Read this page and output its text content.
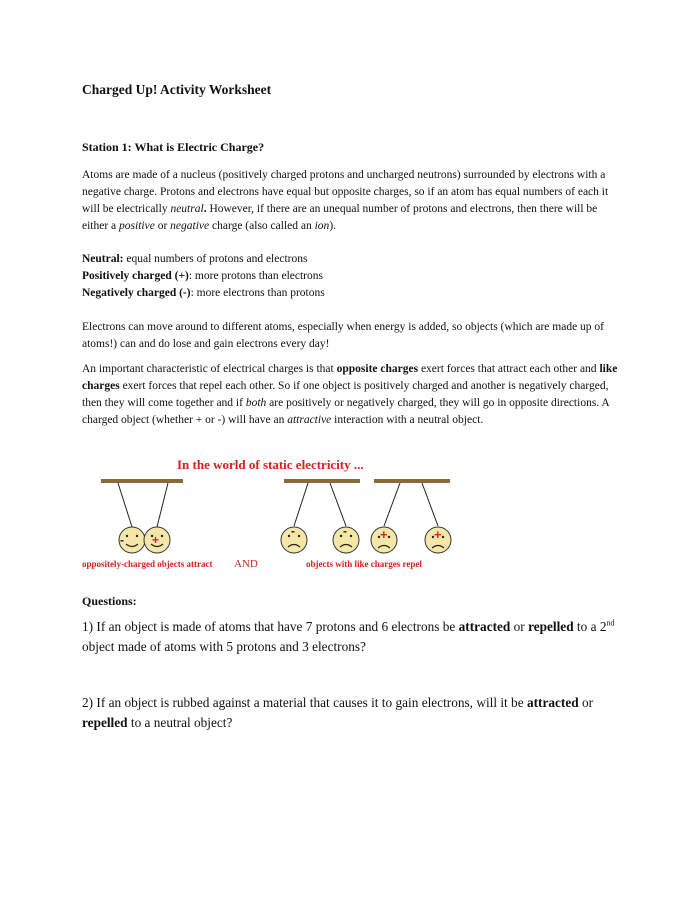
Charged Up! Activity Worksheet
Station 1: What is Electric Charge?

Atoms are made of a nucleus (positively charged protons and uncharged neutrons) surrounded by electrons with a negative charge. Protons and electrons have equal but opposite charges, so if an atom has equal numbers of each it will be electrically neutral. However, if there are an unequal number of protons and electrons, then there will be either a positive or negative charge (also called an ion).

Neutral: equal numbers of protons and electrons
Positively charged (+): more protons than electrons
Negatively charged (-): more electrons than protons

Electrons can move around to different atoms, especially when energy is added, so objects (which are made up of atoms!) can and do lose and gain electrons every day!

An important characteristic of electrical charges is that opposite charges exert forces that attract each other and like charges exert forces that repel each other. So if one object is positively charged and another is negatively charged, then they will come together and if both are positively or negatively charged, they will go in opposite directions. A charged object (whether + or -) will have an attractive interaction with a neutral object.

In the world of static electricity ...
- +
-	-	+	+
oppositely-charged objects attract AND	objects with like charges repel
Questions:

1) If an object is made of atoms that have 7 protons and 6 electrons be attracted or repelled to a 2nd object made of atoms with 5 protons and 3 electrons?

2) If an object is rubbed against a material that causes it to gain electrons, will it be attracted or repelled to a neutral object?
